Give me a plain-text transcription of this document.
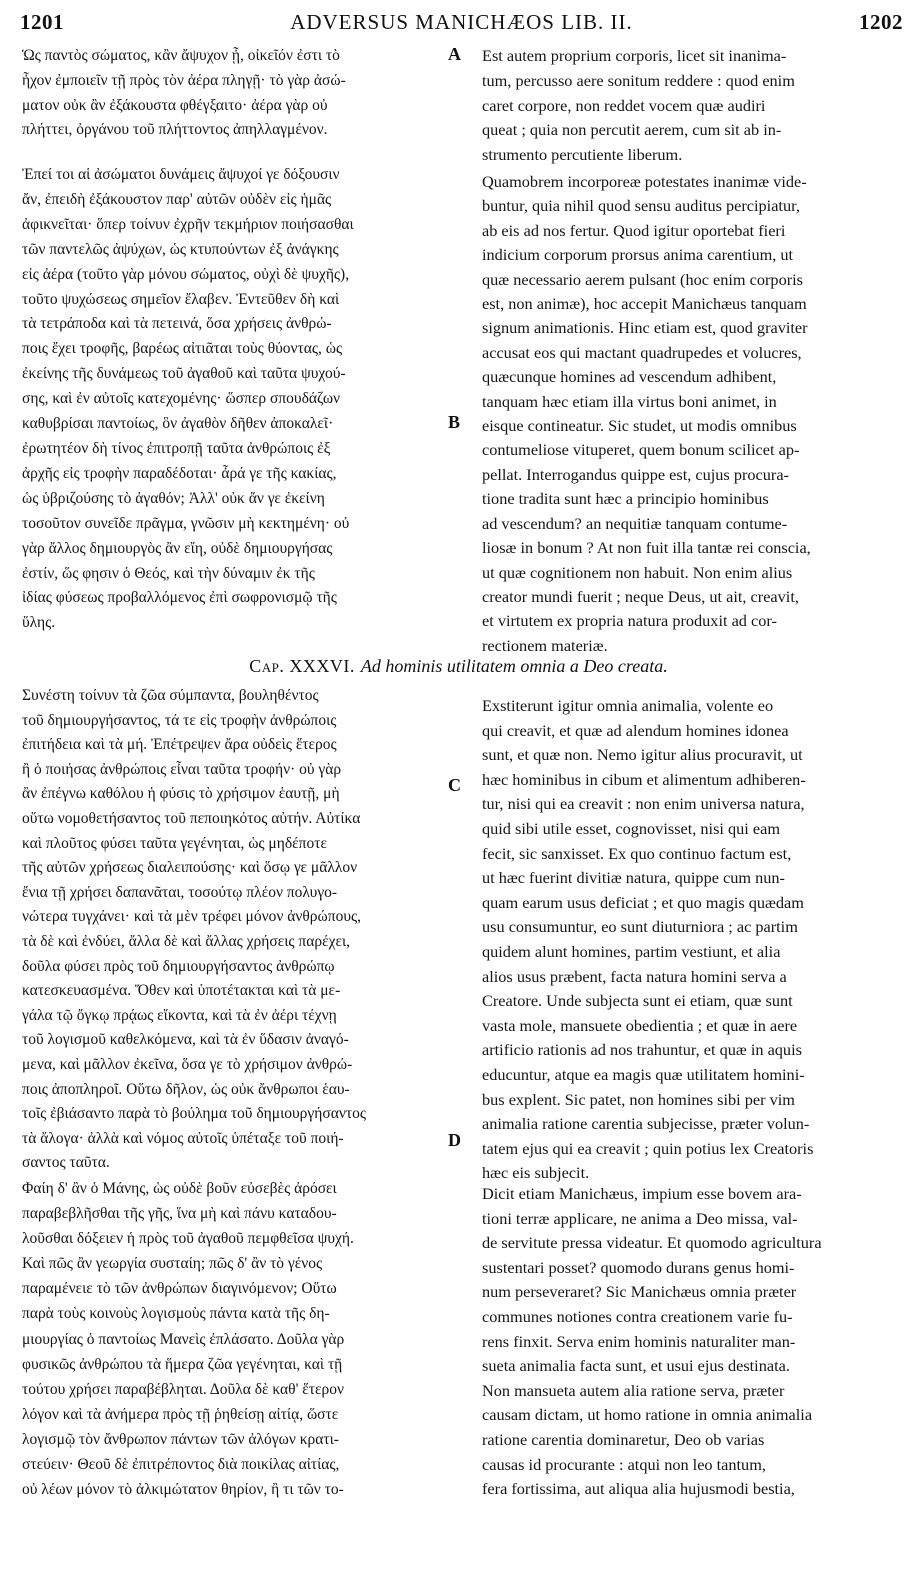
1201	ADVERSUS MANICHÆOS LIB. II.	1202
Ὡς παντὸς σώματος, κἂν ἄψυχον ᾖ, οἰκεῖόν ἐστι τὸ
ἦχον ἐμποιεῖν τῇ πρὸς τὸν ἀέρα πληγῇ· τὸ γὰρ ἀσώ-
ματον οὐκ ἂν ἐξάκουστα φθέγξαιτο· ἀέρα γὰρ οὐ
πλήττει, ὀργάνου τοῦ πλήττοντος ἀπηλλαγμένον.
Ἐπεί τοι αἱ ἀσώματοι δυνάμεις ἄψυχοί γε δόξουσιν
ἄν, ἐπειδὴ ἐξάκουστον παρ' αὐτῶν οὐδὲν εἰς ἡμᾶς
ἀφικνεῖται· ὅπερ τοίνυν ἐχρῆν τεκμήριον ποιήσασθαι
τῶν παντελῶς ἀψύχων, ὡς κτυπούντων ἐξ ἀνάγκης
εἰς ἀέρα (τοῦτο γὰρ μόνου σώματος, οὐχὶ δὲ ψυχῆς),
τοῦτο ψυχώσεως σημεῖον ἔλαβεν. Ἐντεῦθεν δὴ καὶ
τὰ τετράποδα καὶ τὰ πετεινά, ὅσα χρήσεις ἀνθρώ-
ποις ἔχει τροφῆς, βαρέως αἰτιᾶται τοὺς θύοντας, ὡς
ἐκείνης τῆς δυνάμεως τοῦ ἀγαθοῦ καὶ ταῦτα ψυχού-
σης, καὶ ἐν αὐτοῖς κατεχομένης· ὥσπερ σπουδάζων
καθυβρίσαι παντοίως, ὃν ἀγαθὸν δῆθεν ἀποκαλεῖ·
ἐρωτητέον δὴ τίνος ἐπιτροπῇ ταῦτα ἀνθρώποις ἐξ
ἀρχῆς εἰς τροφὴν παραδέδοται· ἆρά γε τῆς κακίας,
ὡς ὑβριζούσης τὸ ἀγαθόν; Ἀλλ' οὐκ ἄν γε ἐκείνη
τοσοῦτον συνεῖδε πρᾶγμα, γνῶσιν μὴ κεκτημένη· οὐ
γὰρ ἄλλος δημιουργὸς ἂν εἴη, οὐδὲ δημιουργήσας
ἐστίν, ὥς φησιν ὁ Θεός, καὶ τὴν δύναμιν ἐκ τῆς
ἰδίας φύσεως προβαλλόμενος ἐπὶ σωφρονισμῷ τῆς
ὕλης.
Συνέστη τοίνυν τὰ ζῶα σύμπαντα, βουληθέντος
τοῦ δημιουργήσαντος, τά τε εἰς τροφὴν ἀνθρώποις
ἐπιτήδεια καὶ τὰ μή. Ἐπέτρεψεν ἄρα οὐδεὶς ἕτερος
ἢ ὁ ποιήσας ἀνθρώποις εἶναι ταῦτα τροφήν· οὐ γὰρ
ἂν ἐπέγνω καθόλου ἡ φύσις τὸ χρήσιμον ἑαυτῇ, μὴ
οὕτω νομοθετήσαντος τοῦ πεποιηκότος αὐτήν. Αὐτίκα
καὶ πλοῦτος φύσει ταῦτα γεγένηται, ὡς μηδέποτε
τῆς αὐτῶν χρήσεως διαλειπούσης· καὶ ὅσῳ γε μᾶλλον
ἔνια τῇ χρήσει δαπανᾶται, τοσούτῳ πλέον πολυγο-
νώτερα τυγχάνει· καὶ τὰ μὲν τρέφει μόνον ἀνθρώπους,
τὰ δὲ καὶ ἐνδύει, ἄλλα δὲ καὶ ἄλλας χρήσεις παρέχει,
δοῦλα φύσει πρὸς τοῦ δημιουργήσαντος ἀνθρώπῳ
κατεσκευασμένα. Ὅθεν καὶ ὑποτέτακται καὶ τὰ με-
γάλα τῷ ὄγκῳ πρᾴως εἴκοντα, καὶ τὰ ἐν ἀέρι τέχνῃ
τοῦ λογισμοῦ καθελκόμενα, καὶ τὰ ἐν ὕδασιν ἀναγό-
μενα, καὶ μᾶλλον ἐκεῖνα, ὅσα γε τὸ χρήσιμον ἀνθρώ-
ποις ἀποπληροῖ. Οὕτω δῆλον, ὡς οὐκ ἄνθρωποι ἑαυ-
τοῖς ἐβιάσαντο παρὰ τὸ βούλημα τοῦ δημιουργήσαντος
τὰ ἄλογα· ἀλλὰ καὶ νόμος αὐτοῖς ὑπέταξε τοῦ ποιή-
σαντος ταῦτα.
Φαίη δ' ἂν ὁ Μάνης, ὡς οὐδὲ βοῦν εὐσεβὲς ἀρόσει
παραβεβλῆσθαι τῆς γῆς, ἵνα μὴ καὶ πάνυ καταδου-
λοῦσθαι δόξειεν ἡ πρὸς τοῦ ἀγαθοῦ πεμφθεῖσα ψυχή.
Καὶ πῶς ἂν γεωργία συσταίη; πῶς δ' ἂν τὸ γένος
παραμένειε τὸ τῶν ἀνθρώπων διαγινόμενον; Οὕτω
παρὰ τοὺς κοινοὺς λογισμοὺς πάντα κατὰ τῆς δη-
μιουργίας ὁ παντοίως Μανεὶς ἐπλάσατο. Δοῦλα γὰρ
φυσικῶς ἀνθρώπου τὰ ἥμερα ζῶα γεγένηται, καὶ τῇ
τούτου χρήσει παραβέβληται. Δοῦλα δὲ καθ' ἕτερον
λόγον καὶ τὰ ἀνήμερα πρὸς τῇ ῥηθείσῃ αἰτίᾳ, ὥστε
λογισμῷ τὸν ἄνθρωπον πάντων τῶν ἀλόγων κρατι-
στεύειν· Θεοῦ δὲ ἐπιτρέποντος διὰ ποικίλας αἰτίας,
οὐ λέων μόνον τὸ ἀλκιμώτατον θηρίον, ἢ τι τῶν το-
A
B
C
D
Cap. XXXVI. Ad hominis utilitatem omnia a Deo creata.
Est autem proprium corporis, licet sit inanima-
tum, percusso aere sonitum reddere : quod enim
caret corpore, non reddet vocem quæ audiri
queat ; quia non percutit aerem, cum sit ab in-
strumento percutiente liberum.
Quamobrem incorporeæ potestates inanimæ vide-
buntur, quia nihil quod sensu auditus percipiatur,
ab eis ad nos fertur. Quod igitur oportebat fieri
indicium corporum prorsus anima carentium, ut
quæ necessario aerem pulsant (hoc enim corporis
est, non animæ), hoc accepit Manichæus tanquam
signum animationis. Hinc etiam est, quod graviter
accusat eos qui mactant quadrupedes et volucres,
quæcunque homines ad vescendum adhibent,
tanquam hæc etiam illa virtus boni animet, in
eisque contineatur. Sic studet, ut modis omnibus
contumeliose vituperet, quem bonum scilicet ap-
pellat. Interrogandus quippe est, cujus procura-
tione tradita sunt hæc a principio hominibus
ad vescendum? an nequitiæ tanquam contume-
liosæ in bonum ? At non fuit illa tantæ rei conscia,
ut quæ cognitionem non habuit. Non enim alius
creator mundi fuerit ; neque Deus, ut ait, creavit,
et virtutem ex propria natura produxit ad cor-
rectionem materiæ.
Exstiterunt igitur omnia animalia, volente eo
qui creavit, et quæ ad alendum homines idonea
sunt, et quæ non. Nemo igitur alius procuravit, ut
hæc hominibus in cibum et alimentum adhiberen-
tur, nisi qui ea creavit : non enim universa natura,
quid sibi utile esset, cognovisset, nisi qui eam
fecit, sic sanxisset. Ex quo continuo factum est,
ut hæc fuerint divitiæ natura, quippe cum nun-
quam earum usus deficiat ; et quo magis quædam
usu consumuntur, eo sunt diuturniora ; ac partim
quidem alunt homines, partim vestiunt, et alia
alios usus præbent, facta natura homini serva a
Creatore. Unde subjecta sunt ei etiam, quæ sunt
vasta mole, mansuete obedientia ; et quæ in aere
artificio rationis ad nos trahuntur, et quæ in aquis
educuntur, atque ea magis quæ utilitatem homini-
bus explent. Sic patet, non homines sibi per vim
animalia ratione carentia subjecisse, præter volun-
tatem ejus qui ea creavit ; quin potius lex Creatoris
hæc eis subjecit.
Dicit etiam Manichæus, impium esse bovem ara-
tioni terræ applicare, ne anima a Deo missa, val-
de servitute pressa videatur. Et quomodo agricultura
sustentari posset? quomodo durans genus homi-
num perseveraret? Sic Manichæus omnia præter
communes notiones contra creationem varie fu-
rens finxit. Serva enim hominis naturaliter man-
sueta animalia facta sunt, et usui ejus destinata.
Non mansueta autem alia ratione serva, præter
causam dictam, ut homo ratione in omnia animalia
ratione carentia dominaretur, Deo ob varias
causas id procurante : atqui non leo tantum,
fera fortissima, aut aliqua alia hujusmodi bestia,
